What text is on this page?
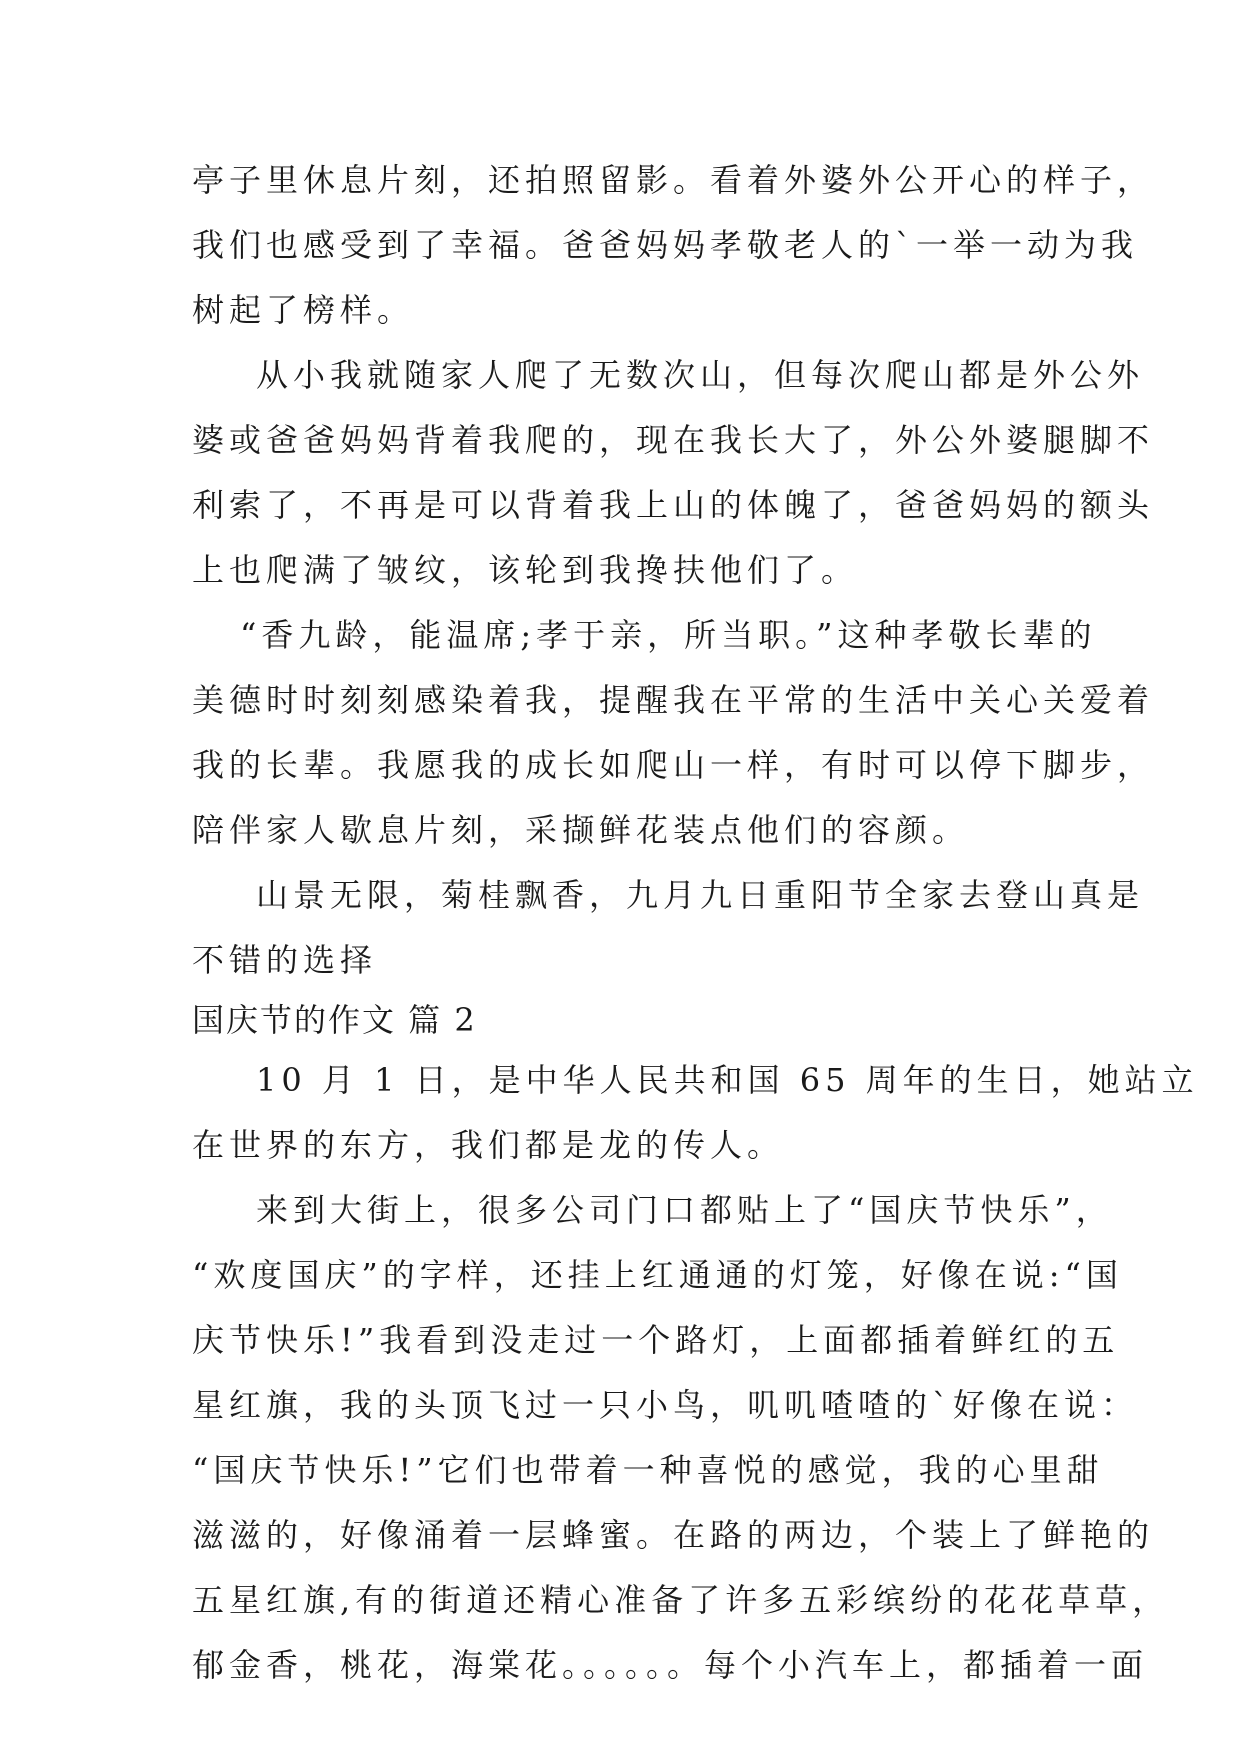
亭子里休息片刻，还拍照留影。看着外婆外公开心的样子，
我们也感受到了幸福。爸爸妈妈孝敬老人的`一举一动为我
树起了榜样。
从小我就随家人爬了无数次山，但每次爬山都是外公外
婆或爸爸妈妈背着我爬的，现在我长大了，外公外婆腿脚不
利索了，不再是可以背着我上山的体魄了，爸爸妈妈的额头
上也爬满了皱纹，该轮到我搀扶他们了。
“香九龄，能温席;孝于亲，所当职。”这种孝敬长辈的
美德时时刻刻感染着我，提醒我在平常的生活中关心关爱着
我的长辈。我愿我的成长如爬山一样，有时可以停下脚步，
陪伴家人歇息片刻，采撷鲜花装点他们的容颜。
山景无限，菊桂飘香，九月九日重阳节全家去登山真是
不错的选择
国庆节的作文 篇 2
10 月 1 日，是中华人民共和国 65 周年的生日，她站立
在世界的东方，我们都是龙的传人。
来到大街上，很多公司门口都贴上了“国庆节快乐”，
“欢度国庆”的字样，还挂上红通通的灯笼，好像在说:“国
庆节快乐!”我看到没走过一个路灯，上面都插着鲜红的五
星红旗，我的头顶飞过一只小鸟，叽叽喳喳的`好像在说：
“国庆节快乐!”它们也带着一种喜悦的感觉，我的心里甜
滋滋的，好像涌着一层蜂蜜。在路的两边，个装上了鲜艳的
五星红旗,有的街道还精心准备了许多五彩缤纷的花花草草，
郁金香，桃花，海棠花。。。。。。每个小汽车上，都插着一面
